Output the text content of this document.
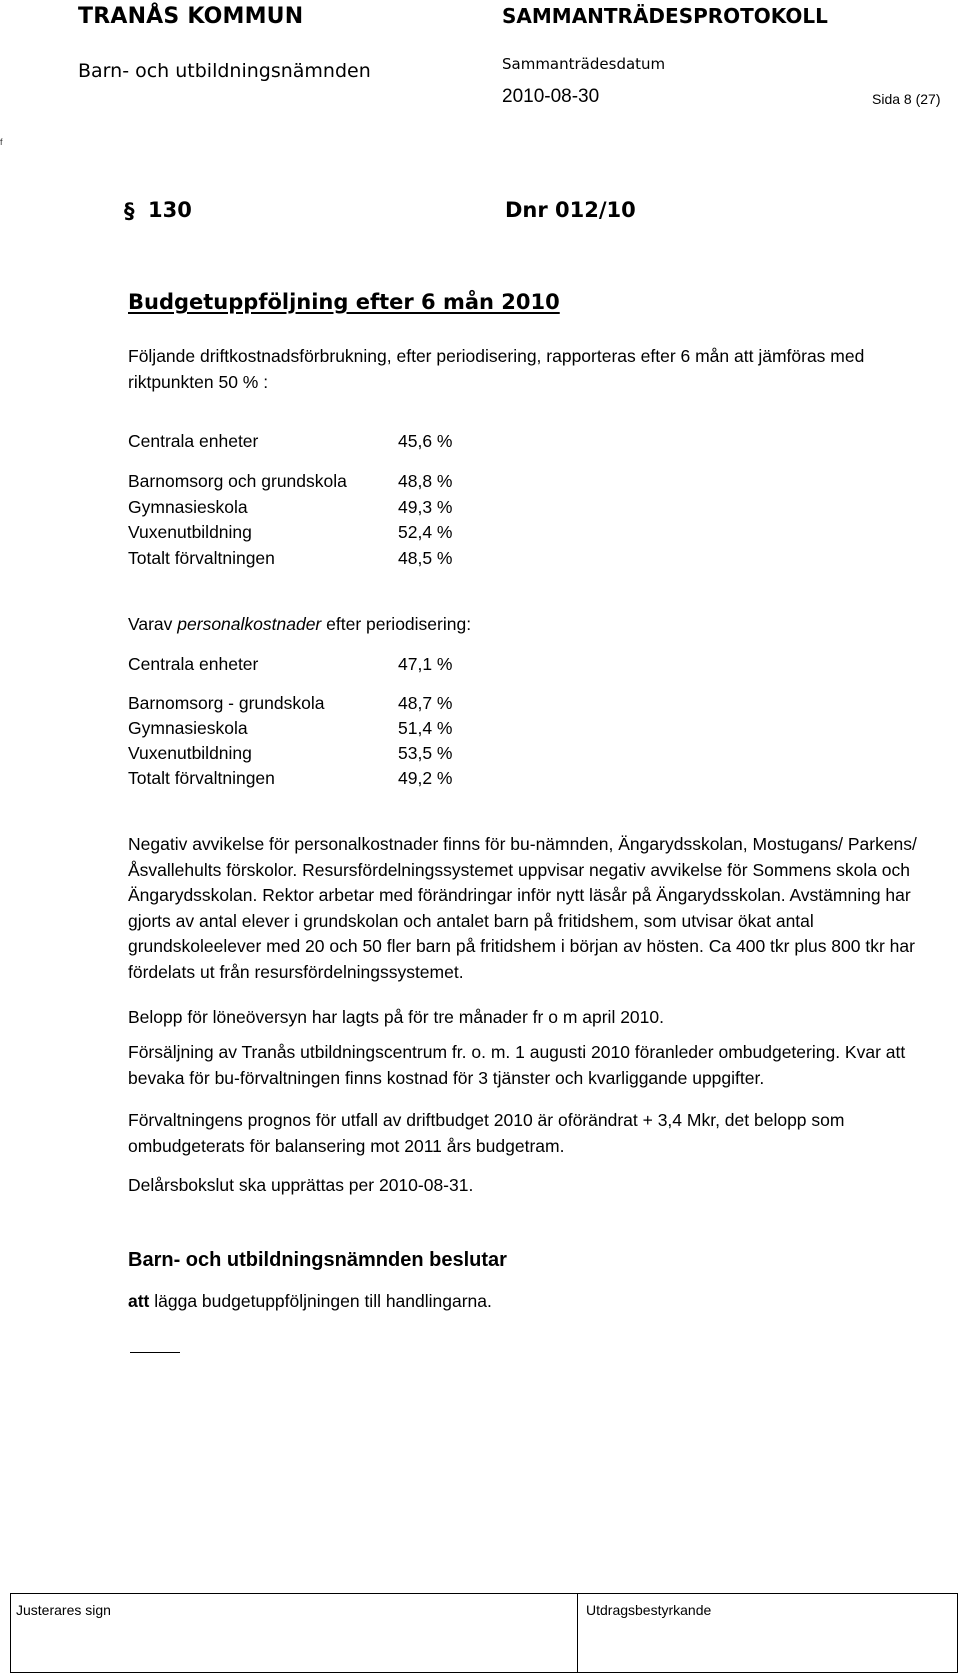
TRANÅS KOMMUN
Barn- och utbildningsnämnden
SAMMANTRÄDESPROTOKOLL
Sammanträdesdatum
2010-08-30	Sida 8 (27)
f
§ 130	Dnr 012/10
Budgetuppföljning efter 6 mån 2010
Följande driftkostnadsförbrukning, efter periodisering, rapporteras efter 6 mån att jämföras med
riktpunkten 50 % :
Centrala enheter	45,6 %
Barnomsorg och grundskola	48,8 %
Gymnasieskola	49,3 %
Vuxenutbildning	52,4 %
Totalt förvaltningen	48,5 %
Varav personalkostnader efter periodisering:
Centrala enheter	47,1 %
Barnomsorg - grundskola	48,7 %
Gymnasieskola	51,4 %
Vuxenutbildning	53,5 %
Totalt förvaltningen	49,2 %
Negativ avvikelse för personalkostnader finns för bu-nämnden, Ängarydsskolan, Mostugans/ Parkens/ Åsvallehults förskolor. Resursfördelningssystemet uppvisar negativ avvikelse för Sommens skola och Ängarydsskolan. Rektor arbetar med förändringar inför nytt läsår på Ängarydsskolan. Avstämning har gjorts av antal elever i grundskolan och antalet barn på fritidshem, som utvisar ökat antal grundskoleelever med 20 och 50 fler barn på fritidshem i början av hösten. Ca 400 tkr plus 800 tkr har fördelats ut från resursfördelningssystemet.
Belopp för löneöversyn har lagts på för tre månader fr o m april 2010.
Försäljning av Tranås utbildningscentrum fr. o. m. 1 augusti 2010 föranleder ombudgetering. Kvar att bevaka för bu-förvaltningen finns kostnad för 3 tjänster och kvarliggande uppgifter.
Förvaltningens prognos för utfall av driftbudget 2010 är oförändrat + 3,4 Mkr, det belopp som ombudgeterats för balansering mot 2011 års budgetram.
Delårsbokslut ska upprättas per 2010-08-31.
Barn- och utbildningsnämnden beslutar
att lägga budgetuppföljningen till handlingarna.
Justerares sign	Utdragsbestyrkande
